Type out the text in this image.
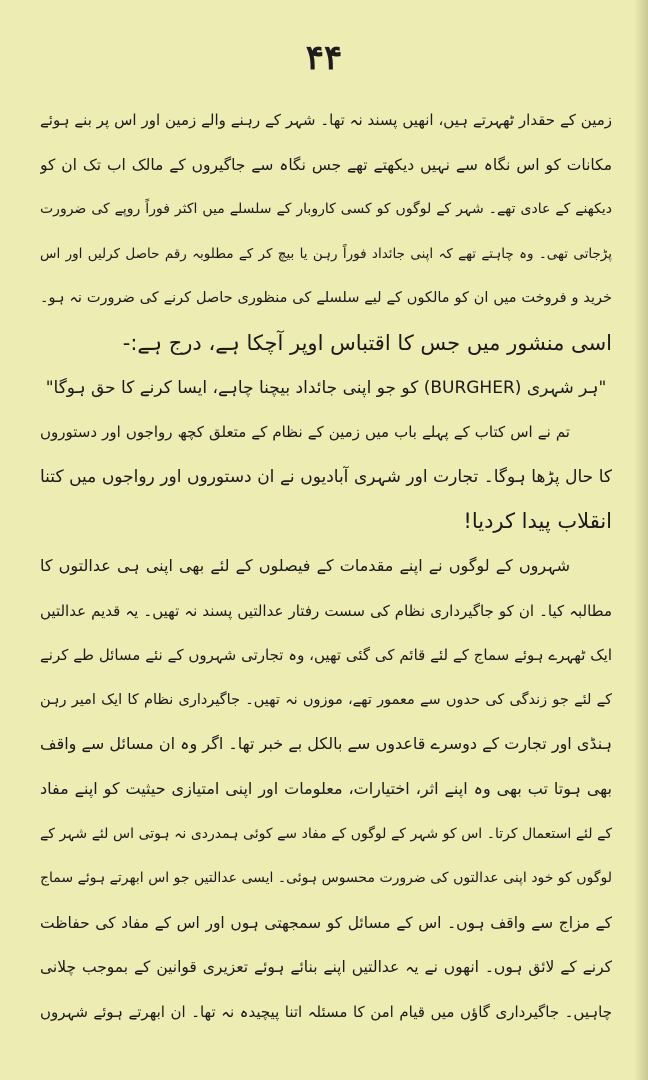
۴۴
زمین کے حقدار ٹھہرتے ہیں، انھیں پسند نہ تھا۔ شہر کے رہنے والے زمین اور اس پر بنے ہوئے
مکانات کو اس نگاہ سے نہیں دیکھتے تھے جس نگاہ سے جاگیروں کے مالک اب تک ان کو
دیکھنے کے عادی تھے۔ شہر کے لوگوں کو کسی کاروبار کے سلسلے میں اکثر فوراً روپے کی ضرورت
پڑجاتی تھی۔ وہ چاہتے تھے کہ اپنی جائداد فوراً رہن یا بیچ کر کے مطلوبہ رقم حاصل کرلیں اور اس
خرید و فروخت میں ان کو مالکوں کے لیے سلسلے کی منظوری حاصل کرنے کی ضرورت نہ ہو۔
اسی منشور میں جس کا اقتباس اوپر آچکا ہے، درج ہے:-
"ہر شہری (BURGHER) کو جو اپنی جائداد بیچنا چاہے، ایسا کرنے کا حق ہوگا"
تم نے اس کتاب کے پہلے باب میں زمین کے نظام کے متعلق کچھ رواجوں اور دستوروں
کا حال پڑھا ہوگا۔ تجارت اور شہری آبادیوں نے ان دستوروں اور رواجوں میں کتنا
انقلاب پیدا کردیا!
شہروں کے لوگوں نے اپنے مقدمات کے فیصلوں کے لئے بھی اپنی ہی عدالتوں کا
مطالبہ کیا۔ ان کو جاگیرداری نظام کی سست رفتار عدالتیں پسند نہ تھیں۔ یہ قدیم عدالتیں
ایک ٹھہرے ہوئے سماج کے لئے قائم کی گئی تھیں، وہ تجارتی شہروں کے نئے مسائل طے کرنے
کے لئے جو زندگی کی حدوں سے معمور تھے، موزوں نہ تھیں۔ جاگیرداری نظام کا ایک امیر رہن
ہنڈی اور تجارت کے دوسرے قاعدوں سے بالکل بے خبر تھا۔ اگر وہ ان مسائل سے واقف
بھی ہوتا تب بھی وہ اپنے اثر، اختیارات، معلومات اور اپنی امتیازی حیثیت کو اپنے مفاد
کے لئے استعمال کرتا۔ اس کو شہر کے لوگوں کے مفاد سے کوئی ہمدردی نہ ہوتی اس لئے شہر کے
لوگوں کو خود اپنی عدالتوں کی ضرورت محسوس ہوئی۔ ایسی عدالتیں جو اس ابھرتے ہوئے سماج
کے مزاج سے واقف ہوں۔ اس کے مسائل کو سمجھتی ہوں اور اس کے مفاد کی حفاظت
کرنے کے لائق ہوں۔ انھوں نے یہ عدالتیں اپنے بنائے ہوئے تعزیری قوانین کے بموجب چلانی
چاہیں۔ جاگیرداری گاؤں میں قیام امن کا مسئلہ اتنا پیچیدہ نہ تھا۔ ان ابھرتے ہوئے شہروں
